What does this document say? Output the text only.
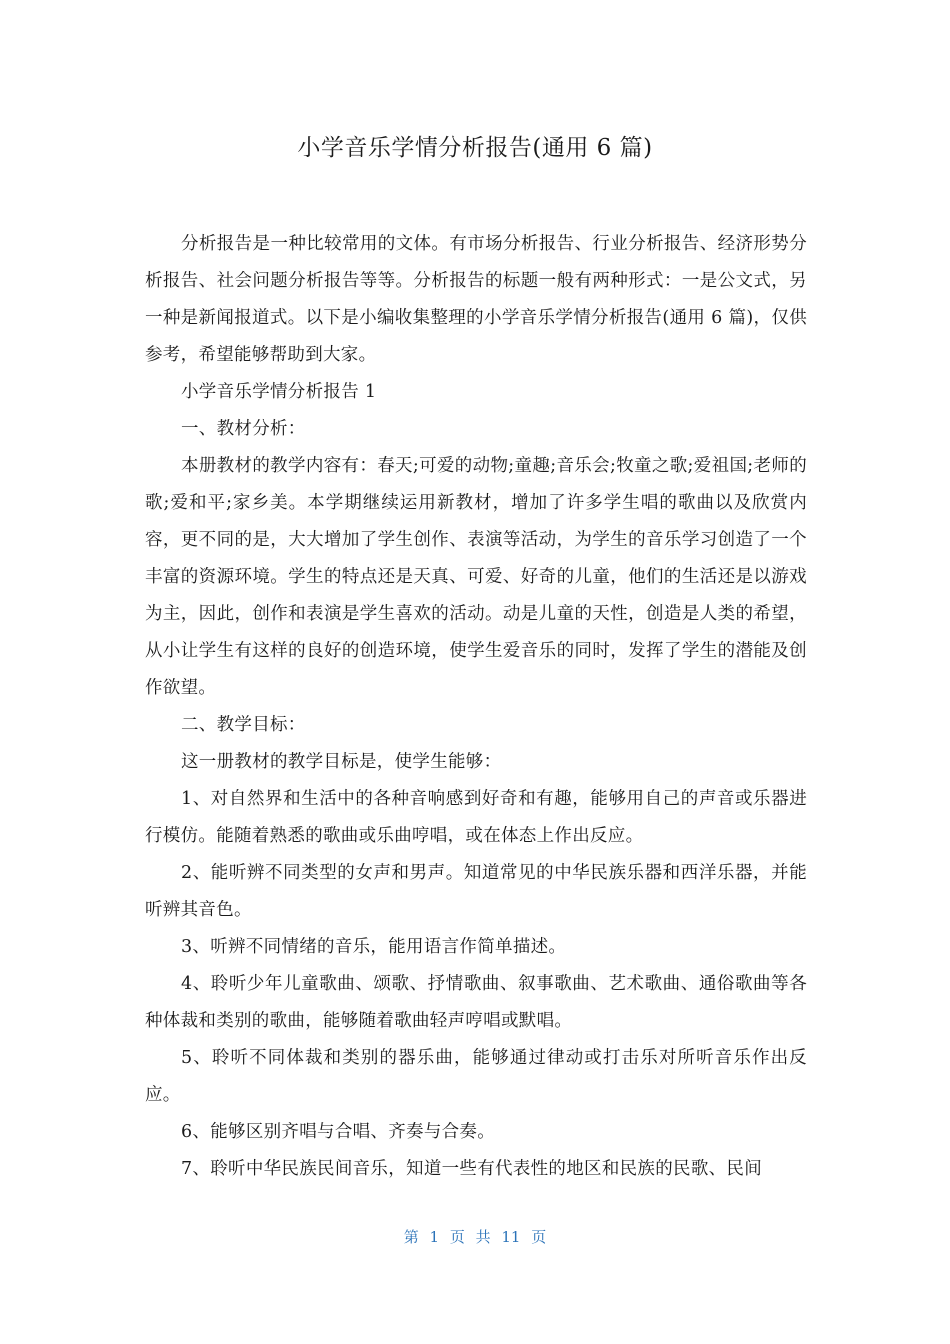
小学音乐学情分析报告(通用 6 篇)

分析报告是一种比较常用的文体。有市场分析报告、行业分析报告、经济形势分析报告、社会问题分析报告等等。分析报告的标题一般有两种形式：一是公文式，另一种是新闻报道式。以下是小编收集整理的小学音乐学情分析报告(通用 6 篇)，仅供参考，希望能够帮助到大家。

小学音乐学情分析报告 1

一、教材分析：

本册教材的教学内容有：春天;可爱的动物;童趣;音乐会;牧童之歌;爱祖国;老师的歌;爱和平;家乡美。本学期继续运用新教材，增加了许多学生唱的歌曲以及欣赏内容，更不同的是，大大增加了学生创作、表演等活动，为学生的音乐学习创造了一个丰富的资源环境。学生的特点还是天真、可爱、好奇的儿童，他们的生活还是以游戏为主，因此，创作和表演是学生喜欢的活动。动是儿童的天性，创造是人类的希望，从小让学生有这样的良好的创造环境，使学生爱音乐的同时，发挥了学生的潜能及创作欲望。

二、教学目标：

这一册教材的教学目标是，使学生能够：

1、对自然界和生活中的各种音响感到好奇和有趣，能够用自己的声音或乐器进行模仿。能随着熟悉的歌曲或乐曲哼唱，或在体态上作出反应。

2、能听辨不同类型的女声和男声。知道常见的中华民族乐器和西洋乐器，并能听辨其音色。

3、听辨不同情绪的音乐，能用语言作简单描述。

4、聆听少年儿童歌曲、颂歌、抒情歌曲、叙事歌曲、艺术歌曲、通俗歌曲等各种体裁和类别的歌曲，能够随着歌曲轻声哼唱或默唱。

5、聆听不同体裁和类别的器乐曲，能够通过律动或打击乐对所听音乐作出反应。

6、能够区别齐唱与合唱、齐奏与合奏。

7、聆听中华民族民间音乐，知道一些有代表性的地区和民族的民歌、民间

第 1 页 共 11 页
